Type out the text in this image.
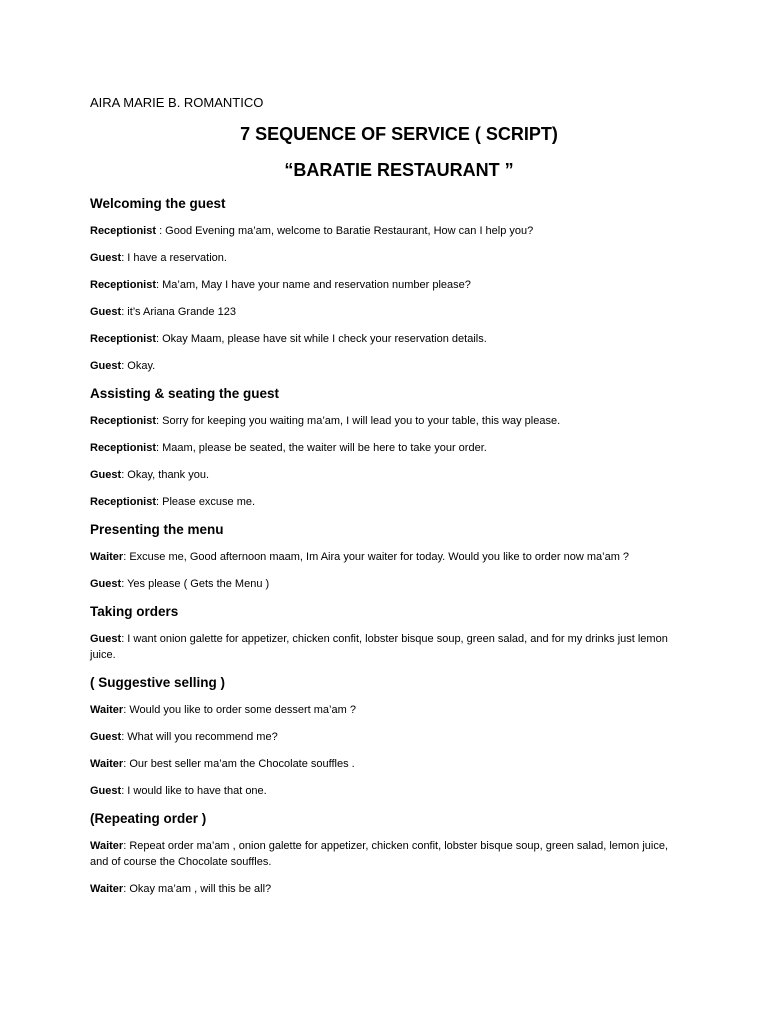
AIRA MARIE B. ROMANTICO
7 SEQUENCE OF SERVICE ( SCRIPT)
“BARATIE RESTAURANT ”
Welcoming the guest

Receptionist : Good Evening ma’am, welcome to Baratie Restaurant, How can I help you?

Guest: I have a reservation.

Receptionist: Ma’am, May I have your name and reservation number please?

Guest: it’s Ariana Grande 123

Receptionist: Okay Maam, please have sit while I check your reservation details.

Guest: Okay.

Assisting & seating the guest

Receptionist: Sorry for keeping you waiting ma’am, I will lead you to your table, this way please.

Receptionist: Maam, please be seated, the waiter will be here to take your order.

Guest: Okay, thank you.

Receptionist: Please excuse me.

Presenting the menu

Waiter: Excuse me, Good afternoon maam, Im Aira your waiter for today. Would you like to order now ma’am ?

Guest: Yes please ( Gets the Menu )

Taking orders

Guest: I want onion galette for appetizer, chicken confit, lobster bisque soup, green salad, and for my drinks just lemon juice.

( Suggestive selling )

Waiter: Would you like to order some dessert ma’am ?

Guest: What will you recommend me?

Waiter: Our best seller ma’am the Chocolate souffles .

Guest: I would like to have that one.

(Repeating order )

Waiter: Repeat order ma’am , onion galette for appetizer, chicken confit, lobster bisque soup, green salad, lemon juice, and of course the Chocolate souffles.

Waiter: Okay ma’am , will this be all?
